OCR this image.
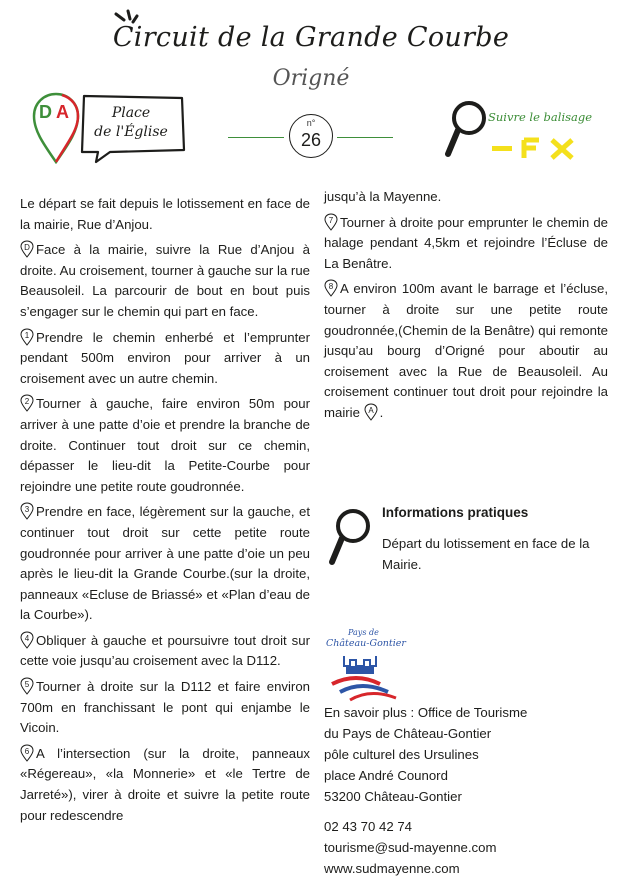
Circuit de la Grande Courbe
Origné
D A	Place
de l'Église
n°
26
Suivre le balisage

Le départ se fait depuis le lotissement en face de la mairie, Rue d’Anjou.

D Face à la mairie, suivre la Rue d’Anjou à droite. Au croisement, tourner à gauche sur la rue Beausoleil. La parcourir de bout en bout puis s’engager sur le chemin qui part en face.

1 Prendre le chemin enherbé et l’emprunter pendant 500m environ pour arriver à un croisement avec un autre chemin.

2 Tourner à gauche, faire environ 50m pour arriver à une patte d’oie et prendre la branche de droite. Continuer tout droit sur ce chemin, dépasser le lieu-dit la Petite-Courbe pour rejoindre une petite route goudronnée.

3 Prendre en face, légèrement sur la gauche, et continuer tout droit sur cette petite route goudronnée pour arriver à une patte d’oie un peu après le lieu-dit la Grande Courbe.(sur la droite, panneaux «Ecluse de Briassé» et «Plan d’eau de la Courbe»).

4 Obliquer à gauche et poursuivre tout droit sur cette voie jusqu’au croisement avec la D112.

5 Tourner à droite sur la D112 et faire environ 700m en franchissant le pont qui enjambe le Vicoin.

6 A l’intersection (sur la droite, panneaux «Régereau», «la Monnerie» et «le Tertre de Jarreté»), virer à droite et suivre la petite route pour redescendre

jusqu’à la Mayenne.

7 Tourner à droite pour emprunter le chemin de halage pendant 4,5km et rejoindre l’Écluse de La Benâtre.

8 A environ 100m avant le barrage et l’écluse, tourner à droite sur une petite route goudronnée,(Chemin de la Benâtre) qui remonte jusqu’au bourg d’Origné pour aboutir au croisement avec la Rue de Beausoleil. Au croisement continuer tout droit pour rejoindre la mairie A .

Informations pratiques
Départ du lotissement en face de la Mairie.
Pays de
Château-Gontier
En savoir plus : Office de Tourisme
du Pays de Château-Gontier
pôle culturel des Ursulines
place André Counord
53200 Château-Gontier
02 43 70 42 74
tourisme@sud-mayenne.com
www.sudmayenne.com
